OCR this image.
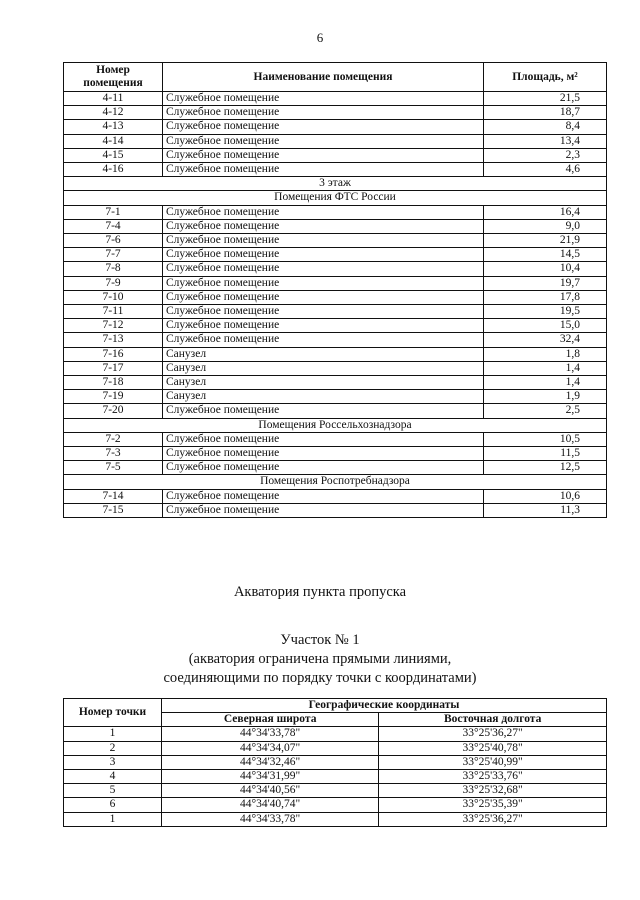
6
Номер помещения	Наименование помещения	Площадь, м²
4-11	Служебное помещение	21,5
4-12	Служебное помещение	18,7
4-13	Служебное помещение	8,4
4-14	Служебное помещение	13,4
4-15	Служебное помещение	2,3
4-16	Служебное помещение	4,6
3 этаж		
Помещения ФТС России		
7-1	Служебное помещение	16,4
7-4	Служебное помещение	9,0
7-6	Служебное помещение	21,9
7-7	Служебное помещение	14,5
7-8	Служебное помещение	10,4
7-9	Служебное помещение	19,7
7-10	Служебное помещение	17,8
7-11	Служебное помещение	19,5
7-12	Служебное помещение	15,0
7-13	Служебное помещение	32,4
7-16	Санузел	1,8
7-17	Санузел	1,4
7-18	Санузел	1,4
7-19	Санузел	1,9
7-20	Служебное помещение	2,5
Помещения Россельхознадзора		
7-2	Служебное помещение	10,5
7-3	Служебное помещение	11,5
7-5	Служебное помещение	12,5
Помещения Роспотребнадзора		
7-14	Служебное помещение	10,6
7-15	Служебное помещение	11,3
Акватория пункта пропуска
Участок № 1
(акватория ограничена прямыми линиями,
соединяющими по порядку точки с координатами)
Номер точки	Географические координаты	
	Северная широта	Восточная долгота
1	44°34'33,78"	33°25'36,27"
2	44°34'34,07"	33°25'40,78"
3	44°34'32,46"	33°25'40,99"
4	44°34'31,99"	33°25'33,76"
5	44°34'40,56"	33°25'32,68"
6	44°34'40,74"	33°25'35,39"
1	44°34'33,78"	33°25'36,27"
